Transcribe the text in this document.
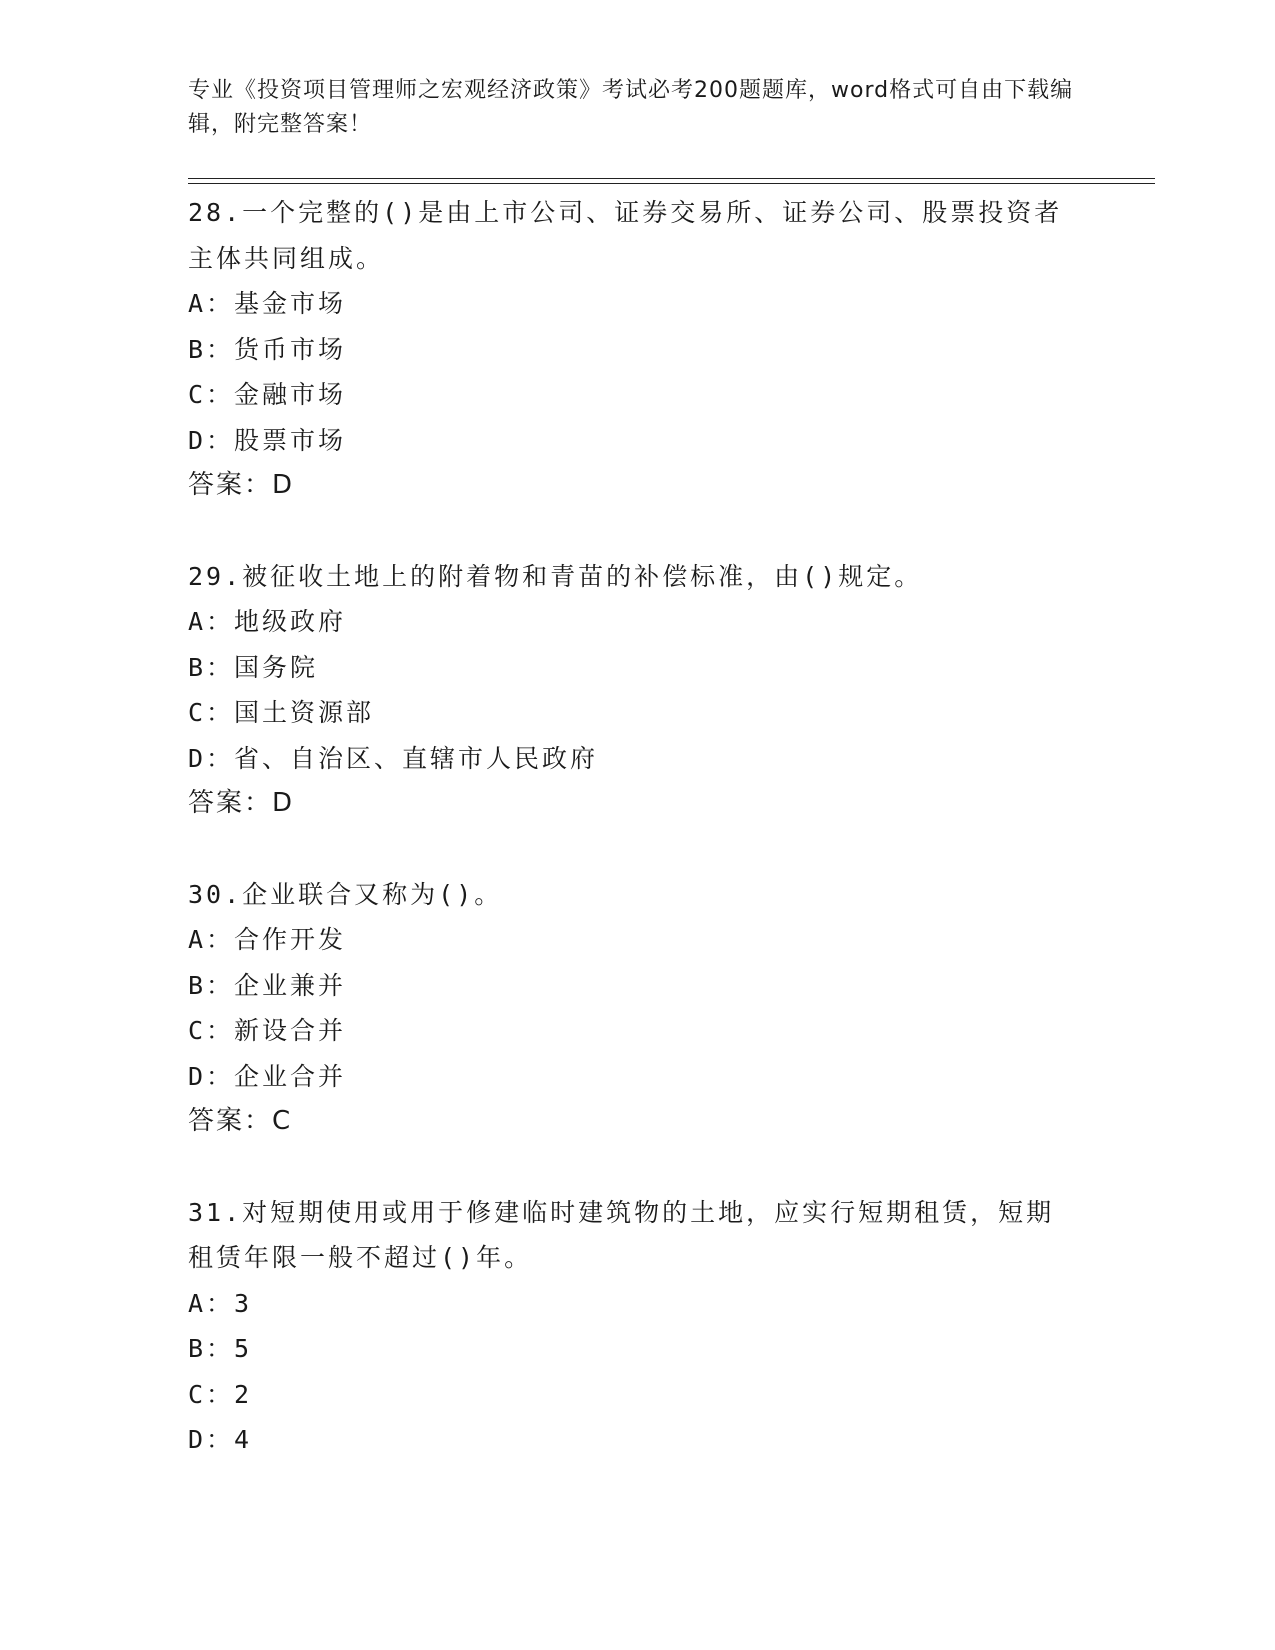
专业《投资项目管理师之宏观经济政策》考试必考200题题库，word格式可自由下载编辑，附完整答案！
28.一个完整的()是由上市公司、证券交易所、证券公司、股票投资者
主体共同组成。
A：基金市场
B：货币市场
C：金融市场
D：股票市场
答案：D
29.被征收土地上的附着物和青苗的补偿标准，由()规定。
A：地级政府
B：国务院
C：国土资源部
D：省、自治区、直辖市人民政府
答案：D
30.企业联合又称为()。
A：合作开发
B：企业兼并
C：新设合并
D：企业合并
答案：C
31.对短期使用或用于修建临时建筑物的土地，应实行短期租赁，短期
租赁年限一般不超过()年。
A：3
B：5
C：2
D：4
